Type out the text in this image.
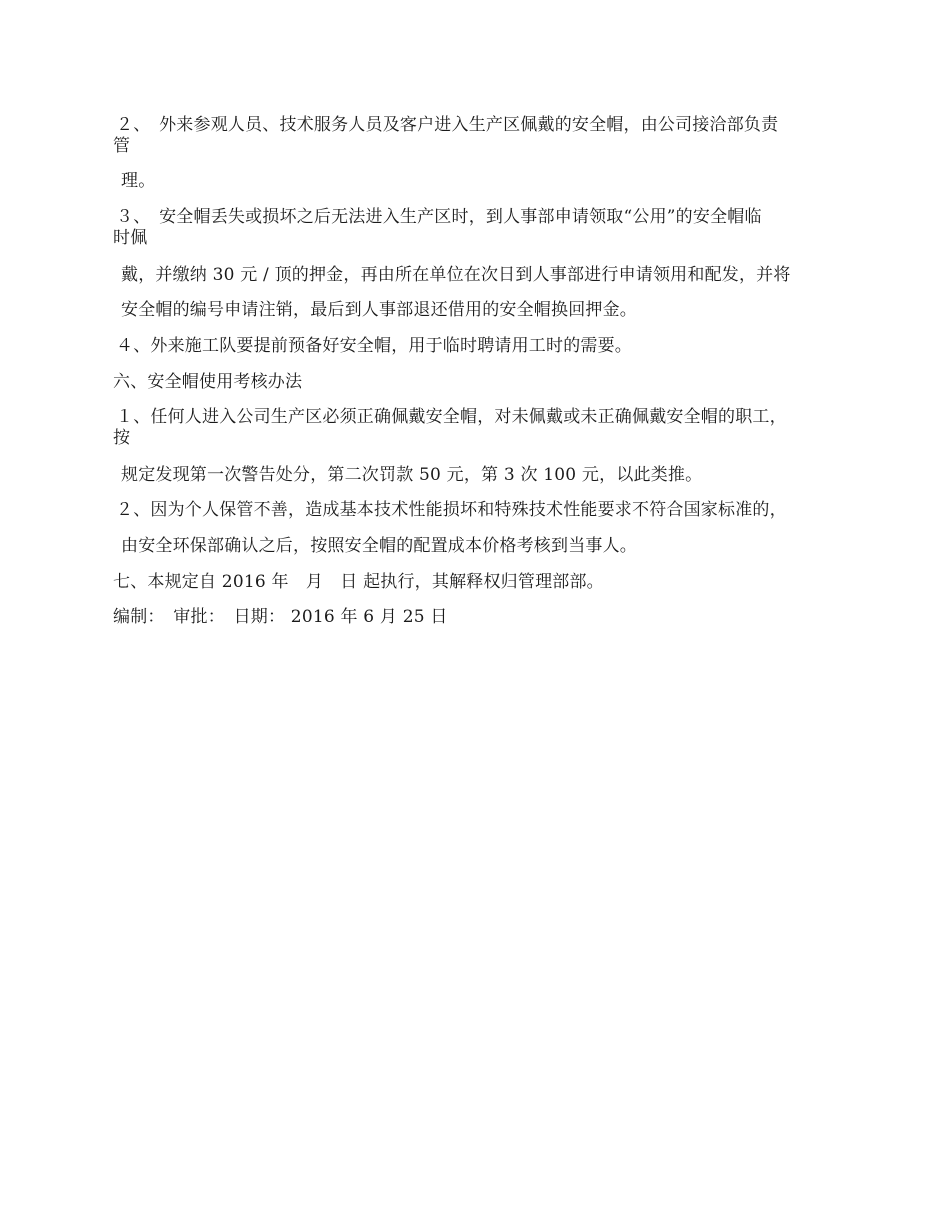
２、　外来参观人员、技术服务人员及客户进入生产区佩戴的安全帽，由公司接洽部负责
管
理。
３、　安全帽丢失或损坏之后无法进入生产区时，到人事部申请领取“公用”的安全帽临
时佩
戴，并缴纳 30 元 / 顶的押金，再由所在单位在次日到人事部进行申请领用和配发，并将
安全帽的编号申请注销，最后到人事部退还借用的安全帽换回押金。
４、外来施工队要提前预备好安全帽，用于临时聘请用工时的需要。
六、安全帽使用考核办法
１、任何人进入公司生产区必须正确佩戴安全帽，对未佩戴或未正确佩戴安全帽的职工，
按
规定发现第一次警告处分，第二次罚款 50 元，第 3 次 100 元，以此类推。
２、因为个人保管不善，造成基本技术性能损坏和特殊技术性能要求不符合国家标准的，
由安全环保部确认之后，按照安全帽的配置成本价格考核到当事人。
七、本规定自 2016 年　月　日 起执行，其解释权归管理部部。
编制：　审批：　日期： 2016 年 6 月 25 日
